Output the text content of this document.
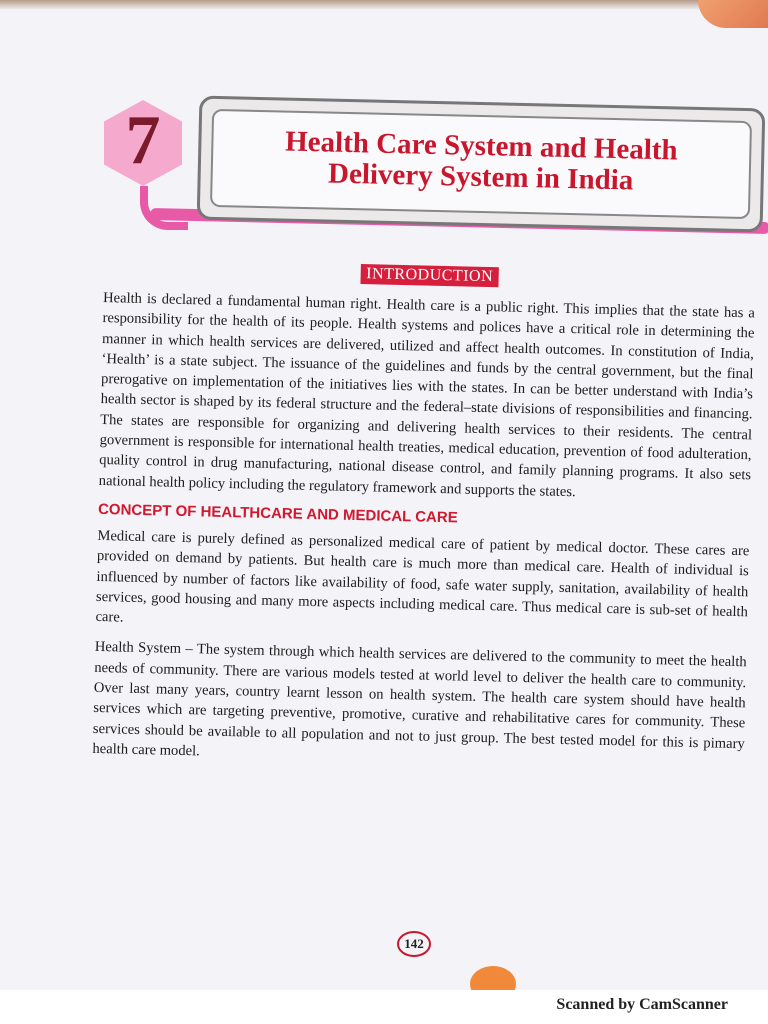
7	Health Care System and Health
Delivery System in India
INTRODUCTION

Health is declared a fundamental human right. Health care is a public right. This implies that the state has a responsibility for the health of its people. Health systems and polices have a critical role in determining the manner in which health services are delivered, utilized and affect health outcomes. In constitution of India, ‘Health’ is a state subject. The issuance of the guidelines and funds by the central government, but the final prerogative on implementation of the initiatives lies with the states. In can be better understand with India’s health sector is shaped by its federal structure and the federal–state divisions of responsibilities and financing. The states are responsible for organizing and delivering health services to their residents. The central government is responsible for international health treaties, medical education, prevention of food adulteration, quality control in drug manufacturing, national disease control, and family planning programs. It also sets national health policy including the regulatory framework and supports the states.

CONCEPT OF HEALTHCARE AND MEDICAL CARE

Medical care is purely defined as personalized medical care of patient by medical doctor. These cares are provided on demand by patients. But health care is much more than medical care. Health of individual is influenced by number of factors like availability of food, safe water supply, sanitation, availability of health services, good housing and many more aspects including medical care. Thus medical care is sub-set of health care.

Health System – The system through which health services are delivered to the community to meet the health needs of community. There are various models tested at world level to deliver the health care to community. Over last many years, country learnt lesson on health system. The health care system should have health services which are targeting preventive, promotive, curative and rehabilitative cares for community. These services should be available to all population and not to just group. The best tested model for this is pimary health care model.

142
Scanned by CamScanner
